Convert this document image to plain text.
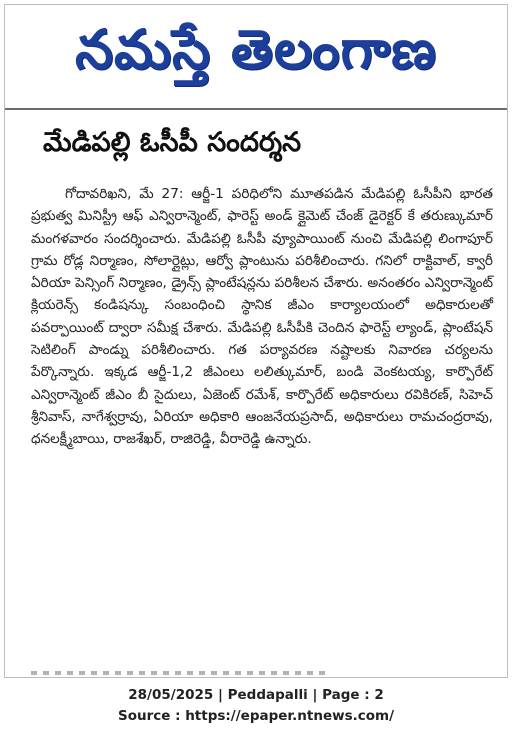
నమస్తే తెలంగాణ
మేడిపల్లి ఓసీపీ సందర్శన

గోదావరిఖని, మే 27: ఆర్జీ-1 పరిధిలోని మూతపడిన మేడిపల్లి ఓసీపీని భారత ప్రభుత్వ మినిస్ట్రీ ఆఫ్ ఎన్విరాన్మెంట్, ఫారెస్ట్ అండ్ క్లైమెట్ చేంజ్ డైరెక్టర్ కే తరుణ్కుమార్ మంగళవారం సందర్శించారు. మేడిపల్లి ఓసీపీ వ్యూపాయింట్ నుంచి మేడిపల్లి లింగాపూర్ గ్రామ రోడ్ల నిర్మాణం, సోలార్లైట్లు, ఆర్వో ప్లాంటును పరిశీలించారు. గనిలో రాక్టివాల్, క్వారీ ఏరియా పెన్సింగ్ నిర్మాణం, డ్రైన్స్ ప్లాంటేషన్లను పరిశీలన చేశారు. అనంతరం ఎన్విరాన్మెంట్ క్లియరెన్స్ కండిషన్కు సంబంధించి స్థానిక జీఎం కార్యాలయంలో అధికారులతో పవర్పాయింట్ ద్వారా సమీక్ష చేశారు. మేడిపల్లి ఓసీపీకి చెందిన ఫారెస్ట్ ల్యాండ్, ప్లాంటేషన్ సెటిలింగ్ పాండ్ను పరిశీలించారు. గత పర్యావరణ నష్టాలకు నివారణ చర్యలను పేర్కొన్నారు. ఇక్కడ ఆర్జీ-1,2 జీఎంలు లలిత్కుమార్, బండి వెంకటయ్య, కార్పొరేట్ ఎన్విరాన్మెంట్ జీఎం బీ సైదులు, ఏజెంట్ రమేశ్, కార్పొరేట్ అధికారులు రవికిరణ్, సిహెచ్ శ్రీనివాస్, నాగేశ్వర్రావు, ఏరియా అధికారి ఆంజనేయప్రసాద్, అధికారులు రామచంద్రరావు, ధనలక్ష్మీబాయి, రాజశేఖర్, రాజిరెడ్డి, వీరారెడ్డి ఉన్నారు.

28/05/2025 | Peddapalli | Page : 2
Source : https://epaper.ntnews.com/
